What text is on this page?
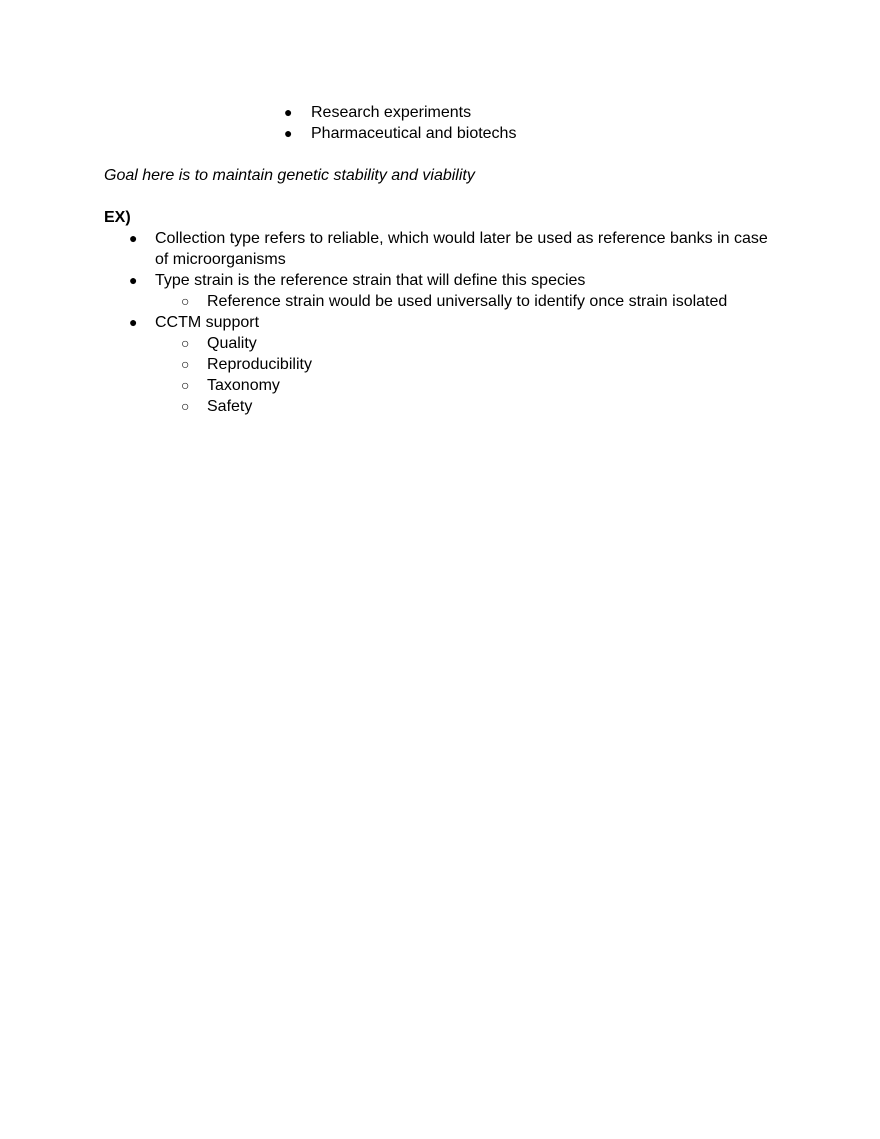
● Research experiments
● Pharmaceutical and biotechs
Goal here is to maintain genetic stability and viability
EX)
● Collection type refers to reliable, which would later be used as reference banks in case
of microorganisms
● Type strain is the reference strain that will define this species
○ Reference strain would be used universally to identify once strain isolated
● CCTM support
○ Quality
○ Reproducibility
○ Taxonomy
○ Safety
